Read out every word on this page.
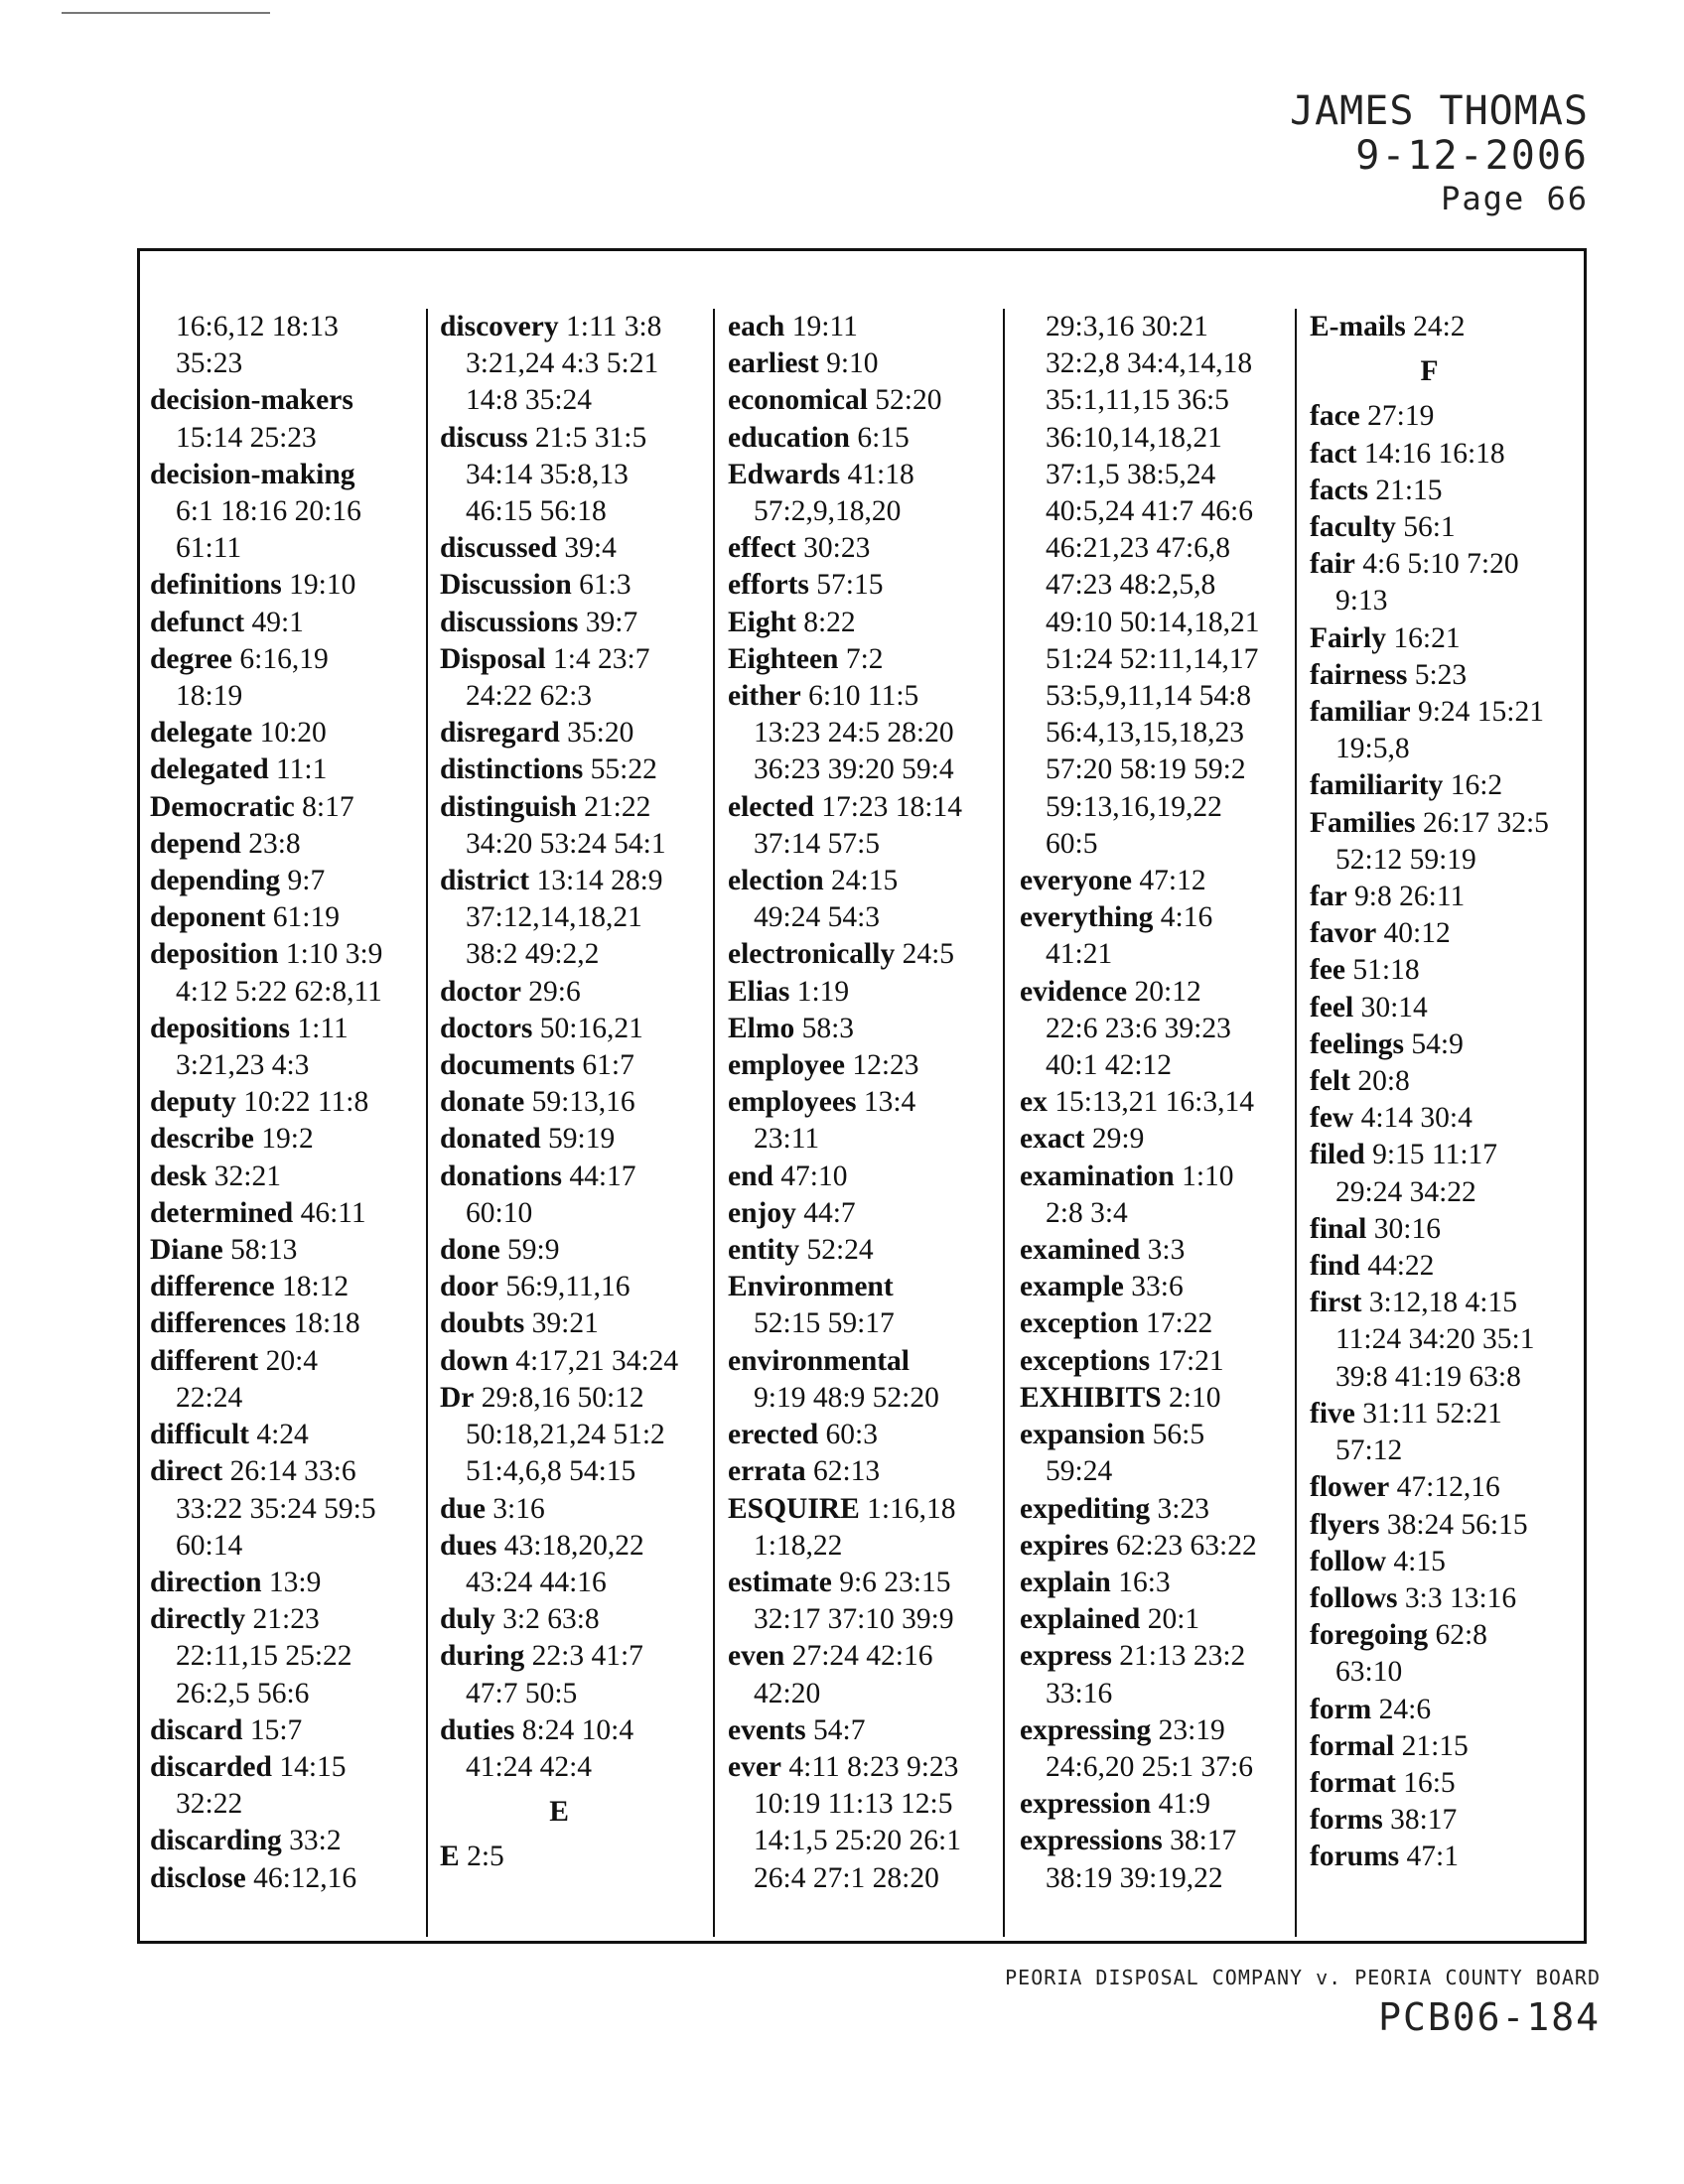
JAMES THOMAS
9-12-2006
Page 66
16:6,12 18:13
35:23
decision-makers
15:14 25:23
decision-making
6:1 18:16 20:16
61:11
definitions 19:10
defunct 49:1
degree 6:16,19
18:19
delegate 10:20
delegated 11:1
Democratic 8:17
depend 23:8
depending 9:7
deponent 61:19
deposition 1:10 3:9
4:12 5:22 62:8,11
depositions 1:11
3:21,23 4:3
deputy 10:22 11:8
describe 19:2
desk 32:21
determined 46:11
Diane 58:13
difference 18:12
differences 18:18
different 20:4
22:24
difficult 4:24
direct 26:14 33:6
33:22 35:24 59:5
60:14
direction 13:9
directly 21:23
22:11,15 25:22
26:2,5 56:6
discard 15:7
discarded 14:15
32:22
discarding 33:2
disclose 46:12,16
discovery 1:11 3:8
3:21,24 4:3 5:21
14:8 35:24
discuss 21:5 31:5
34:14 35:8,13
46:15 56:18
discussed 39:4
Discussion 61:3
discussions 39:7
Disposal 1:4 23:7
24:22 62:3
disregard 35:20
distinctions 55:22
distinguish 21:22
34:20 53:24 54:1
district 13:14 28:9
37:12,14,18,21
38:2 49:2,2
doctor 29:6
doctors 50:16,21
documents 61:7
donate 59:13,16
donated 59:19
donations 44:17
60:10
done 59:9
door 56:9,11,16
doubts 39:21
down 4:17,21 34:24
Dr 29:8,16 50:12
50:18,21,24 51:2
51:4,6,8 54:15
due 3:16
dues 43:18,20,22
43:24 44:16
duly 3:2 63:8
during 22:3 41:7
47:7 50:5
duties 8:24 10:4
41:24 42:4
E
E 2:5
each 19:11
earliest 9:10
economical 52:20
education 6:15
Edwards 41:18
57:2,9,18,20
effect 30:23
efforts 57:15
Eight 8:22
Eighteen 7:2
either 6:10 11:5
13:23 24:5 28:20
36:23 39:20 59:4
elected 17:23 18:14
37:14 57:5
election 24:15
49:24 54:3
electronically 24:5
Elias 1:19
Elmo 58:3
employee 12:23
employees 13:4
23:11
end 47:10
enjoy 44:7
entity 52:24
Environment
52:15 59:17
environmental
9:19 48:9 52:20
erected 60:3
errata 62:13
ESQUIRE 1:16,18
1:18,22
estimate 9:6 23:15
32:17 37:10 39:9
even 27:24 42:16
42:20
events 54:7
ever 4:11 8:23 9:23
10:19 11:13 12:5
14:1,5 25:20 26:1
26:4 27:1 28:20
29:3,16 30:21
32:2,8 34:4,14,18
35:1,11,15 36:5
36:10,14,18,21
37:1,5 38:5,24
40:5,24 41:7 46:6
46:21,23 47:6,8
47:23 48:2,5,8
49:10 50:14,18,21
51:24 52:11,14,17
53:5,9,11,14 54:8
56:4,13,15,18,23
57:20 58:19 59:2
59:13,16,19,22
60:5
everyone 47:12
everything 4:16
41:21
evidence 20:12
22:6 23:6 39:23
40:1 42:12
ex 15:13,21 16:3,14
exact 29:9
examination 1:10
2:8 3:4
examined 3:3
example 33:6
exception 17:22
exceptions 17:21
EXHIBITS 2:10
expansion 56:5
59:24
expediting 3:23
expires 62:23 63:22
explain 16:3
explained 20:1
express 21:13 23:2
33:16
expressing 23:19
24:6,20 25:1 37:6
expression 41:9
expressions 38:17
38:19 39:19,22
E-mails 24:2
F
face 27:19
fact 14:16 16:18
facts 21:15
faculty 56:1
fair 4:6 5:10 7:20
9:13
Fairly 16:21
fairness 5:23
familiar 9:24 15:21
19:5,8
familiarity 16:2
Families 26:17 32:5
52:12 59:19
far 9:8 26:11
favor 40:12
fee 51:18
feel 30:14
feelings 54:9
felt 20:8
few 4:14 30:4
filed 9:15 11:17
29:24 34:22
final 30:16
find 44:22
first 3:12,18 4:15
11:24 34:20 35:1
39:8 41:19 63:8
five 31:11 52:21
57:12
flower 47:12,16
flyers 38:24 56:15
follow 4:15
follows 3:3 13:16
foregoing 62:8
63:10
form 24:6
formal 21:15
format 16:5
forms 38:17
forums 47:1
PEORIA DISPOSAL COMPANY v. PEORIA COUNTY BOARD
PCB06-184
